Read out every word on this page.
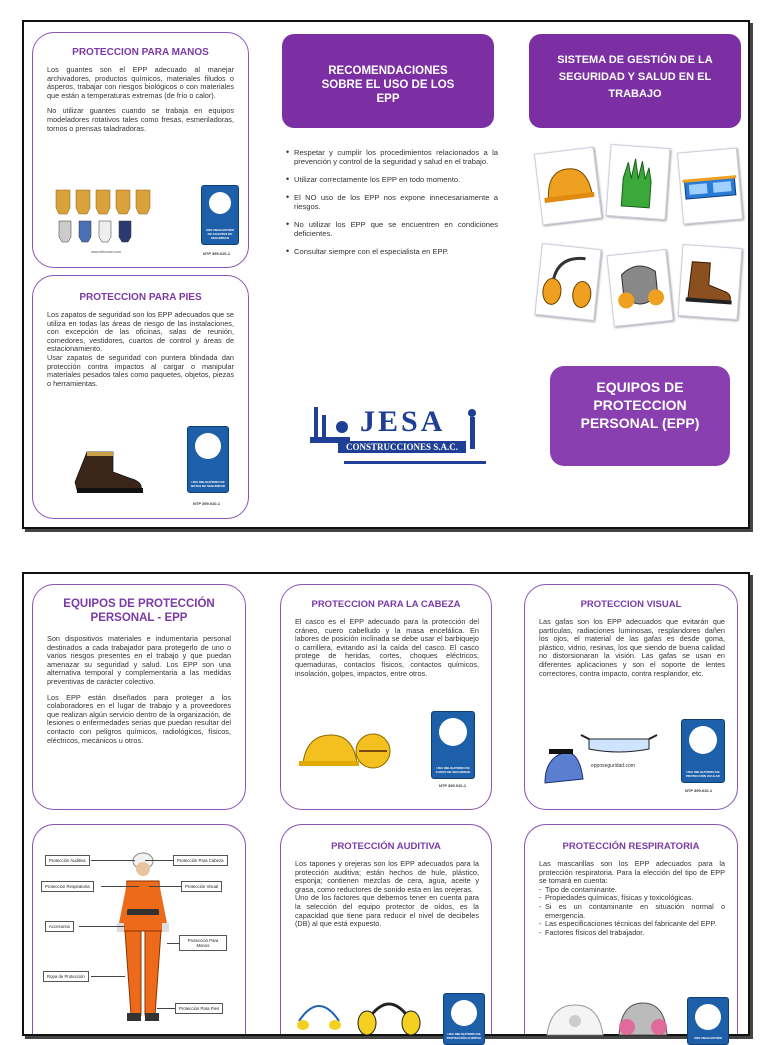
PROTECCION PARA MANOS

Los guantes son el EPP adecuado al manejar archivadores, productos químicos, materiales filudos o ásperos, trabajar con riesgos biológicos o con materiales que están a temperaturas extremas (de frío o calor).

No utilizar guantes cuando se trabaja en equipos modeladores rotativos tales como fresas, esmeriladoras, tornos o prensas taladradoras.

www.ebbosser.com
USO OBLIGATORIO DE GUANTES DE SEGURIDAD
NTP 399.010-1
PROTECCION PARA PIES
Los zapatos de seguridad son los EPP adecuados que se utiliza en todas las áreas de riesgo de las instalaciones, con excepción de las oficinas, salas de reunión, comedores, vestidores, cuartos de control y áreas de estacionamiento.
Usar zapatos de seguridad con puntera blindada dan protección contra impactos al cargar o manipular materiales pesados tales como paquetes, objetos, piezas o herramientas.
USO OBLIGATORIO DE BOTAS DE SEGURIDAD
NTP 399.010-1
RECOMENDACIONES SOBRE EL USO DE LOS EPP
• Respetar y cumplir los procedimientos relacionados a la prevención y control de la seguridad y salud en el trabajo.
• Utilizar correctamente los EPP en todo momento.
• El NO uso de los EPP nos expone innecesariamente a riesgos.
• No utilizar los EPP que se encuentren en condiciones deficientes.
• Consultar siempre con el especialista en EPP.
JESA
CONSTRUCCIONES S.A.C.
SISTEMA DE GESTIÓN DE LA SEGURIDAD Y SALUD EN EL TRABAJO
EQUIPOS DE PROTECCION PERSONAL (EPP)
EQUIPOS DE PROTECCIÓN PERSONAL - EPP

Son dispositivos materiales e indumentaria personal destinados a cada trabajador para protegerlo de uno o varios riesgos presentes en el trabajo y que puedan amenazar su seguridad y salud. Los EPP son una alternativa temporal y complementaria a las medidas preventivas de carácter colectivo.

Los EPP están diseñados para proteger a los colaboradores en el lugar de trabajo y a proveedores que realizan algún servicio dentro de la organización, de lesiones o enfermedades serias que puedan resultar del contacto con peligros químicos, radiológicos, físicos, eléctricos, mecánicos u otros.

PROTECCION PARA LA CABEZA
El casco es el EPP adecuado para la protección del cráneo, cuero cabelludo y la masa encefálica. En labores de posición inclinada se debe usar el barbiquejo o carrillera, evitando así la caída del casco. El casco protege de heridas, cortes, choques eléctricos, quemaduras, contactos físicos, contactos químicos, insolación, golpes, impactos, entre otros.
USO OBLIGATORIO DE CASCO DE SEGURIDAD
NTP 399.010-1
PROTECCION VISUAL
Las gafas son los EPP adecuados que evitarán que partículas, radiaciones luminosas, resplandores dañen los ojos, el material de las gafas es desde goma, plástico, vidrio, resinas, los que siendo de buena calidad no distorsionaran la visión. Las gafas se usan en diferentes aplicaciones y son el soporte de lentes correctores, contra impacto, contra resplandor, etc.
epposeguridad.com
USO OBLIGATORIO DE PROTECCIÓN OCULAR
NTP 399.010-1
Protección Auditiva	Protección Para Cabeza
Protección Respiratoria	Protección Visual
Accesorios
Protección Para Manos
Ropa de Protección
Protección Para Pies
PROTECCIÓN AUDITIVA
Los tapones y orejeras son los EPP adecuados para la protección auditiva; están hechos de hule, plástico, esponja; contienen mezclas de cera, agua, aceite y grasa, como reductores de sonido esta en las orejeras.
Uno de los factores que debemos tener en cuenta para la selección del equipo protector de oídos, es la capacidad que tiene para reducir el nivel de decibeles (DB) al que está expuesto.
USO OBLIGATORIO DE PROTECCIÓN AUDITIVA
PROTECCIÓN RESPIRATORIA
Las mascarillas son los EPP adecuados para la protección respiratoria. Para la elección del tipo de EPP se tomará en cuenta:
- Tipo de contaminante.
- Propiedades químicas, físicas y toxicológicas.
- Si es un contaminante en situación normal o emergencia.
- Las especificaciones técnicas del fabricante del EPP.
- Factores físicos del trabajador.
USO OBLIGATORIO
